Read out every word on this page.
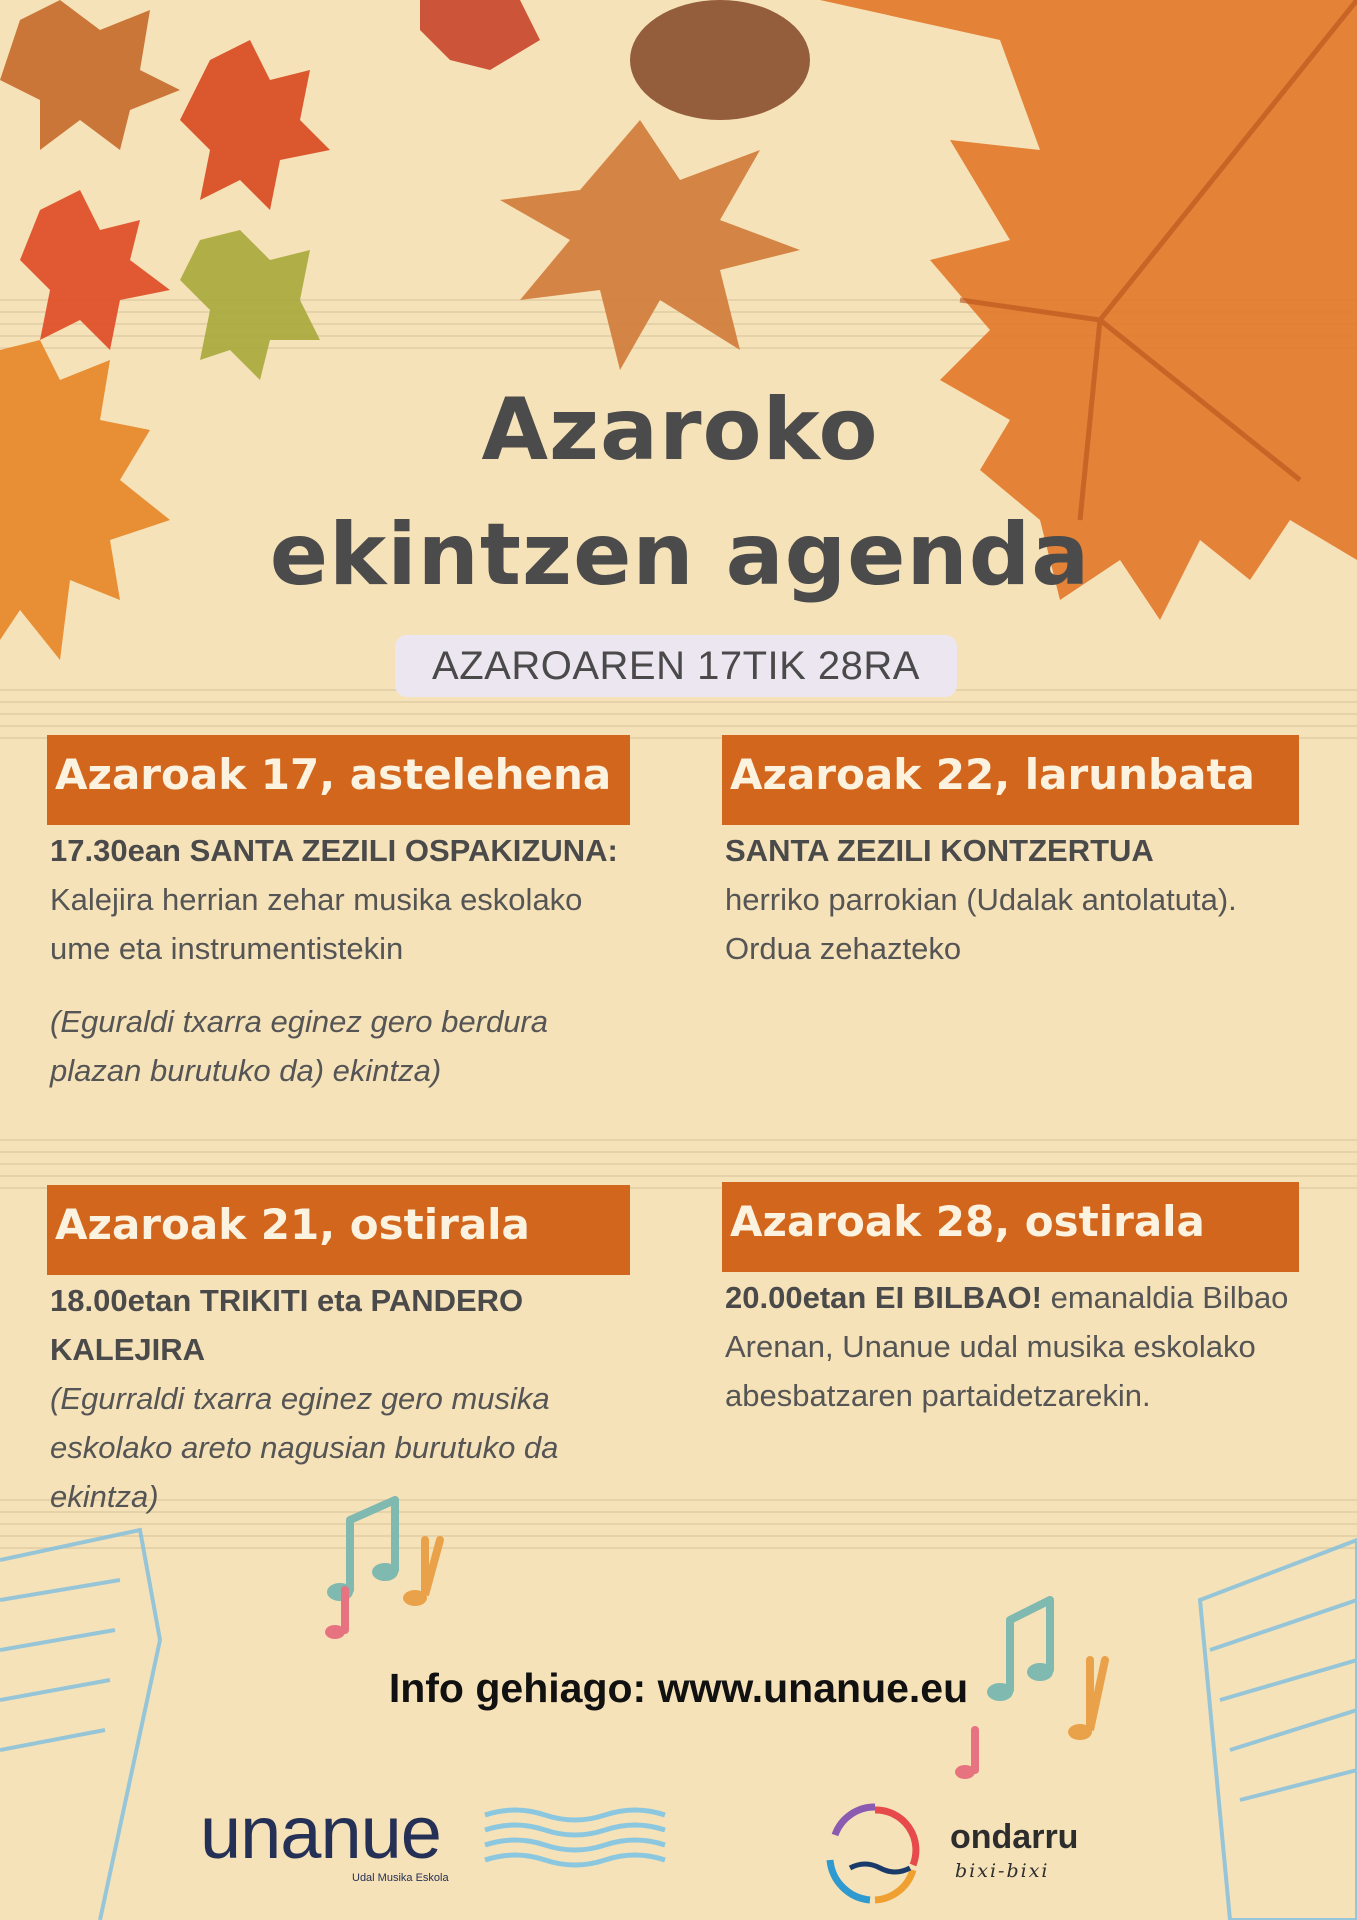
Azaroko
ekintzen agenda
AZAROAREN 17TIK 28RA
Azaroak 17, astelehena

17.30ean SANTA ZEZILI OSPAKIZUNA: Kalejira herrian zehar musika eskolako ume eta instrumentistekin

(Eguraldi txarra eginez gero berdura plazan burutuko da) ekintza)

Azaroak 22, larunbata

SANTA ZEZILI KONTZERTUA

herriko parrokian (Udalak antolatuta).

Ordua zehazteko

Azaroak 21, ostirala

18.00etan TRIKITI eta PANDERO KALEJIRA

(Egurraldi txarra eginez gero musika eskolako areto nagusian burutuko da ekintza)

Azaroak 28, ostirala

20.00etan EI BILBAO! emanaldia Bilbao Arenan, Unanue udal musika eskolako abesbatzaren partaidetzarekin.

Info gehiago: www.unanue.eu
unanue
Udal Musika Eskola
ondarru
bixi-bixi
